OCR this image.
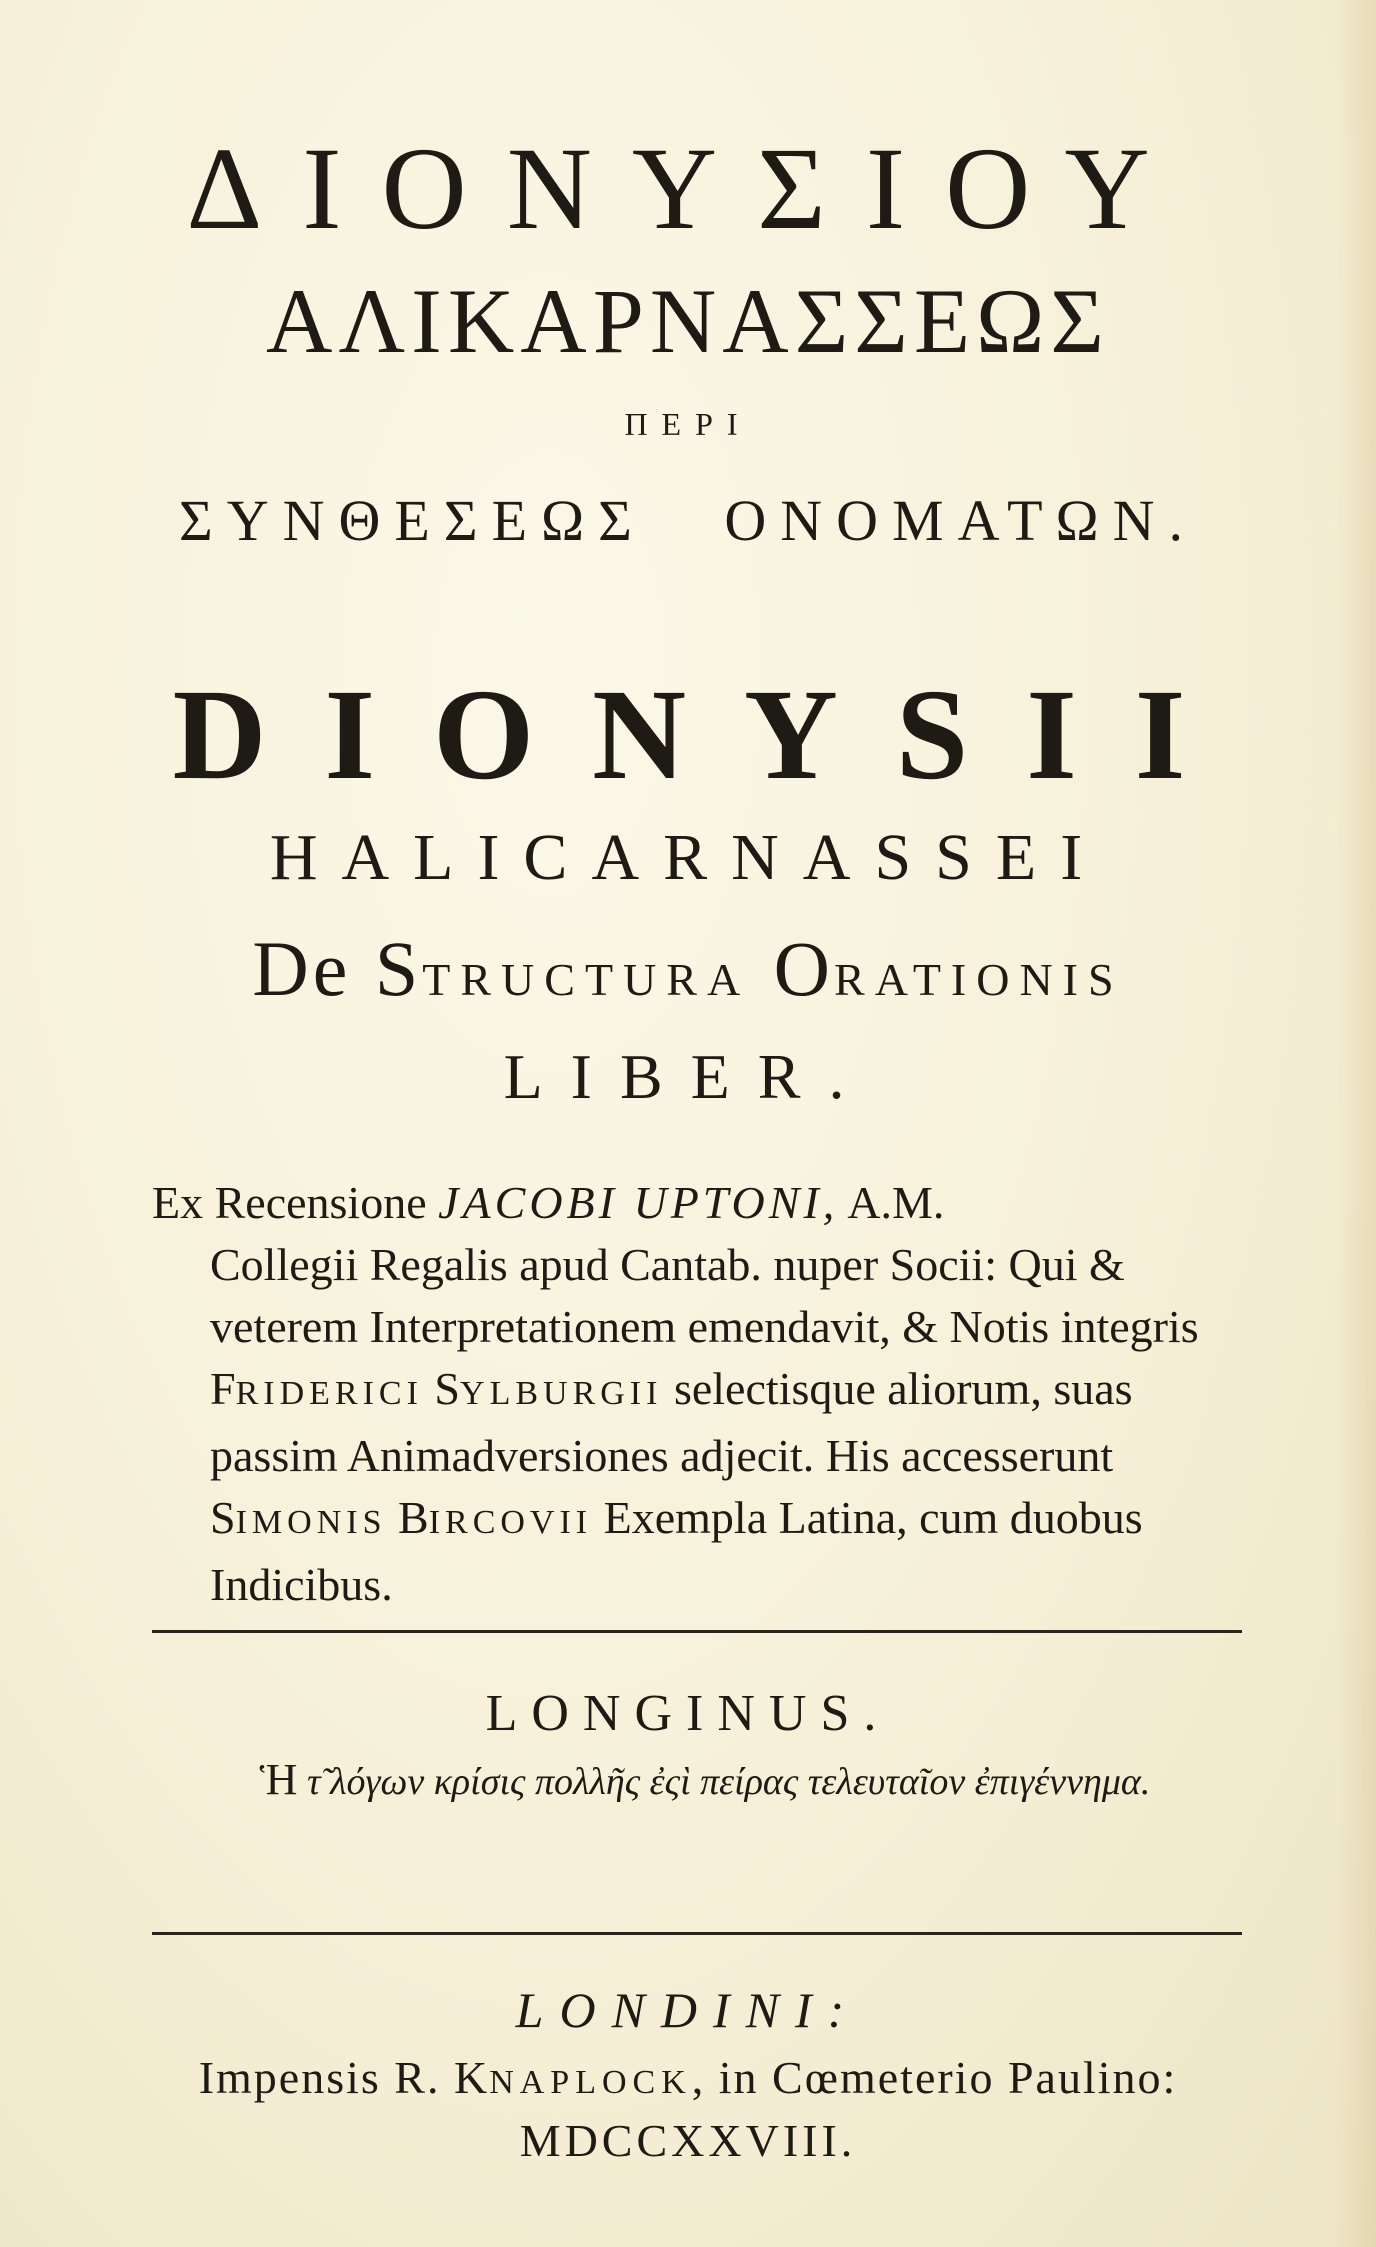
ΔΙΟΝΥΣΙΟΥ
ΑΛΙΚΑΡΝΑΣΣΕΩΣ
ΠΕΡΙ
ΣΥΝΘΕΣΕΩΣ ΟΝΟΜΑΤΩΝ.
DIONYSII
HALICARNASSEI
De STRUCTURA ORATIONIS
LIBER.

Ex Recensione JACOBI UPTONI, A.M.

Collegii Regalis apud Cantab. nuper Socii: Qui & veterem Interpretationem emendavit, & Notis integris FRIDERICI SYLBURGII selectisque aliorum, suas passim Animadversiones adjecit. His accesserunt SIMONIS BIRCOVII Exempla Latina, cum duobus Indicibus.

LONGINUS.
Ἡ τ̃ λόγων κρίσις πολλῆς ἐςὶ πείρας τελευταῖον ἐπιγέννημα.
LONDINI:
Impensis R. KNAPLOCK, in Cœmeterio Paulino:
MDCCXXVIII.
